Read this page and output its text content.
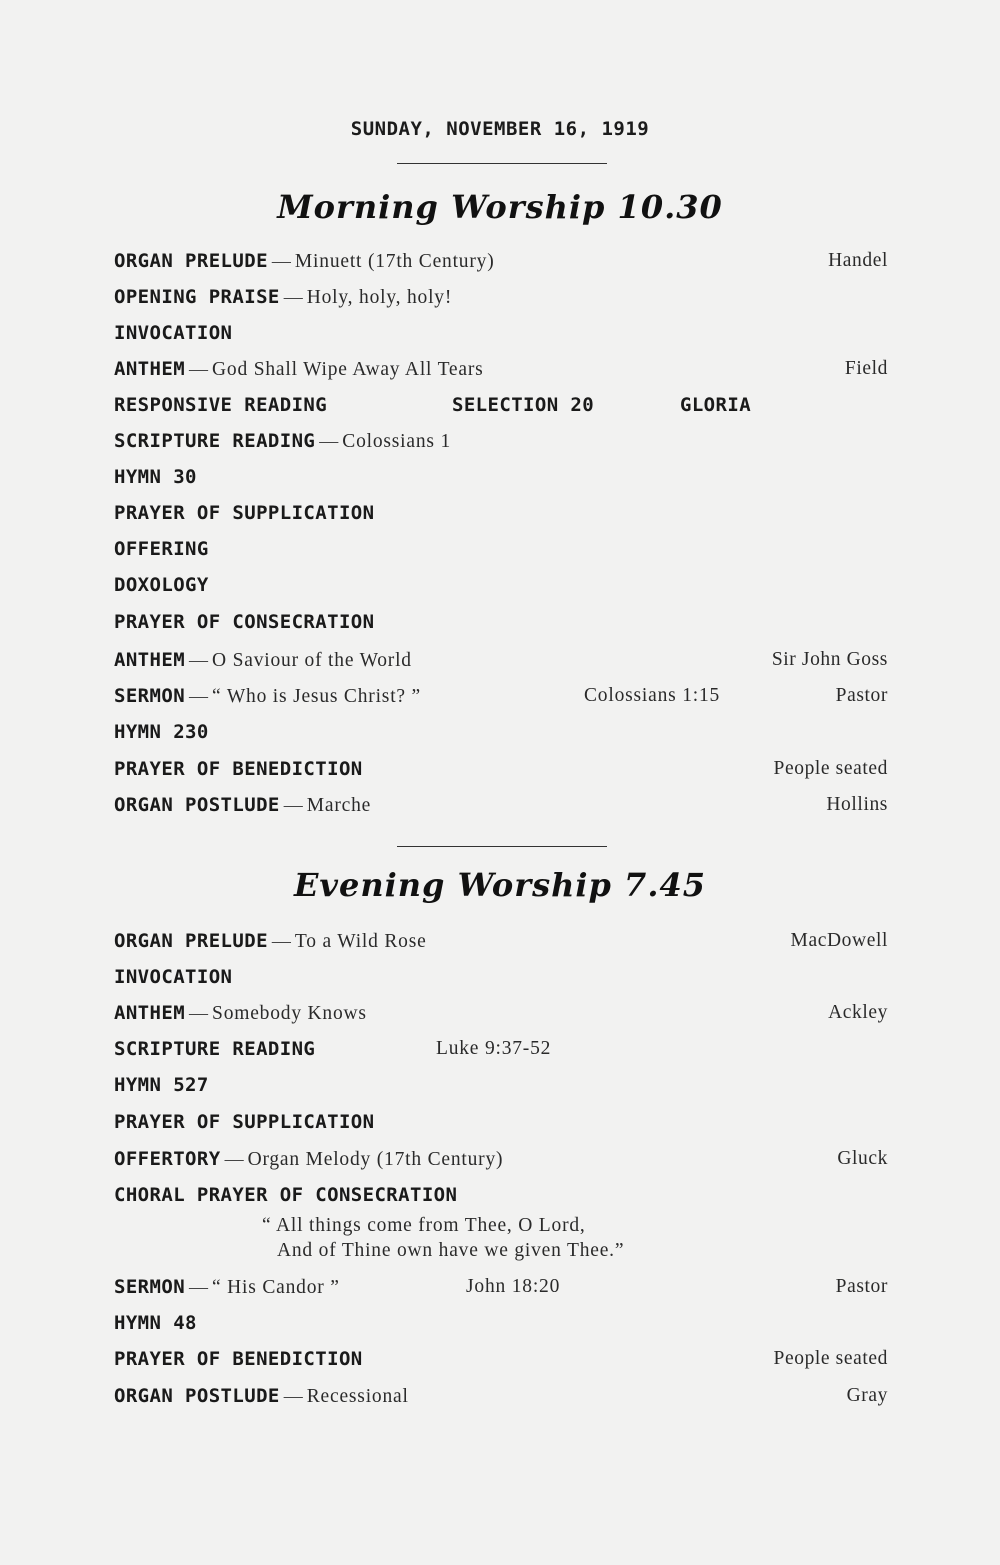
SUNDAY, NOVEMBER 16, 1919
Morning Worship 10.30
ORGAN PRELUDE — Minuett (17th Century)	Handel
OPENING PRAISE — Holy, holy, holy!
INVOCATION
ANTHEM — God Shall Wipe Away All Tears	Field
RESPONSIVE READING	SELECTION 20	GLORIA
SCRIPTURE READING — Colossians 1
HYMN 30
PRAYER OF SUPPLICATION
OFFERING
DOXOLOGY
PRAYER OF CONSECRATION
ANTHEM — O Saviour of the World	Sir John Goss
SERMON — “ Who is Jesus Christ? ”	Colossians 1:15	Pastor
HYMN 230
PRAYER OF BENEDICTION	People seated
ORGAN POSTLUDE — Marche	Hollins
Evening Worship 7.45
ORGAN PRELUDE — To a Wild Rose	MacDowell
INVOCATION
ANTHEM — Somebody Knows	Ackley
SCRIPTURE READING	Luke 9:37-52
HYMN 527
PRAYER OF SUPPLICATION
OFFERTORY — Organ Melody (17th Century)	Gluck
CHORAL PRAYER OF CONSECRATION
“ All things come from Thee, O Lord,
And of Thine own have we given Thee.”
SERMON — “ His Candor ”	John 18:20	Pastor
HYMN 48
PRAYER OF BENEDICTION	People seated
ORGAN POSTLUDE — Recessional	Gray
